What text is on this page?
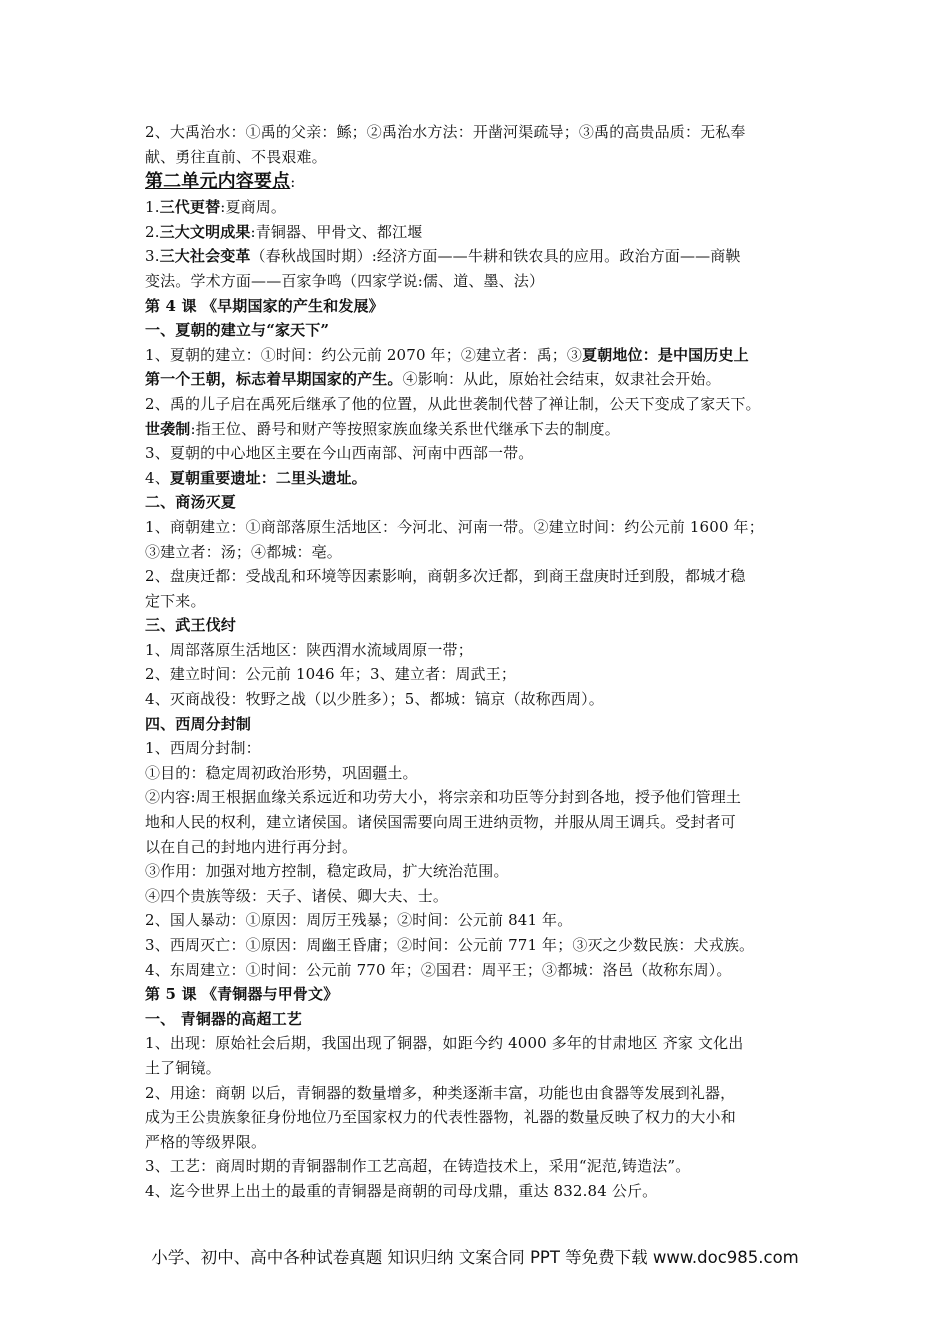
2、大禹治水：①禹的父亲：鲧；②禹治水方法：开凿河渠疏导；③禹的高贵品质：无私奉

献、勇往直前、不畏艰难。

第二单元内容要点:

1.三代更替:夏商周。

2.三大文明成果:青铜器、甲骨文、都江堰

3.三大社会变革（春秋战国时期）:经济方面——牛耕和铁农具的应用。政治方面——商鞅

变法。学术方面——百家争鸣（四家学说:儒、道、墨、法）

第 4 课 《早期国家的产生和发展》

一、夏朝的建立与“家天下”

1、夏朝的建立：①时间：约公元前 2070 年；②建立者：禹；③夏朝地位：是中国历史上

第一个王朝，标志着早期国家的产生。④影响：从此，原始社会结束，奴隶社会开始。

2、禹的儿子启在禹死后继承了他的位置，从此世袭制代替了禅让制，公天下变成了家天下。

世袭制:指王位、爵号和财产等按照家族血缘关系世代继承下去的制度。

3、夏朝的中心地区主要在今山西南部、河南中西部一带。

4、夏朝重要遗址：二里头遗址。

二、商汤灭夏

1、商朝建立：①商部落原生活地区：今河北、河南一带。②建立时间：约公元前 1600 年；

③建立者：汤；④都城：亳。

2、盘庚迁都：受战乱和环境等因素影响，商朝多次迁都，到商王盘庚时迁到殷，都城才稳

定下来。

三、武王伐纣

1、周部落原生活地区：陕西渭水流域周原一带；

2、建立时间：公元前 1046 年；3、建立者：周武王；

4、灭商战役：牧野之战（以少胜多）；5、都城：镐京（故称西周）。

四、西周分封制

1、西周分封制：

①目的：稳定周初政治形势，巩固疆土。

②内容:周王根据血缘关系远近和功劳大小，将宗亲和功臣等分封到各地，授予他们管理土

地和人民的权利，建立诸侯国。诸侯国需要向周王进纳贡物，并服从周王调兵。受封者可

以在自己的封地内进行再分封。

③作用：加强对地方控制，稳定政局，扩大统治范围。

④四个贵族等级：天子、诸侯、卿大夫、士。

2、国人暴动：①原因：周厉王残暴；②时间：公元前 841 年。

3、西周灭亡：①原因：周幽王昏庸；②时间：公元前 771 年；③灭之少数民族：犬戎族。

4、东周建立：①时间：公元前 770 年；②国君：周平王；③都城：洛邑（故称东周）。

第 5 课 《青铜器与甲骨文》

一、 青铜器的高超工艺

1、出现：原始社会后期，我国出现了铜器，如距今约 4000 多年的甘肃地区 齐家 文化出

土了铜镜。

2、用途：商朝 以后，青铜器的数量增多，种类逐渐丰富，功能也由食器等发展到礼器，

成为王公贵族象征身份地位乃至国家权力的代表性器物，礼器的数量反映了权力的大小和

严格的等级界限。

3、工艺：商周时期的青铜器制作工艺高超，在铸造技术上，采用“泥范,铸造法”。

4、迄今世界上出土的最重的青铜器是商朝的司母戊鼎，重达 832.84 公斤。

小学、初中、高中各种试卷真题 知识归纳 文案合同 PPT 等免费下载 www.doc985.com
